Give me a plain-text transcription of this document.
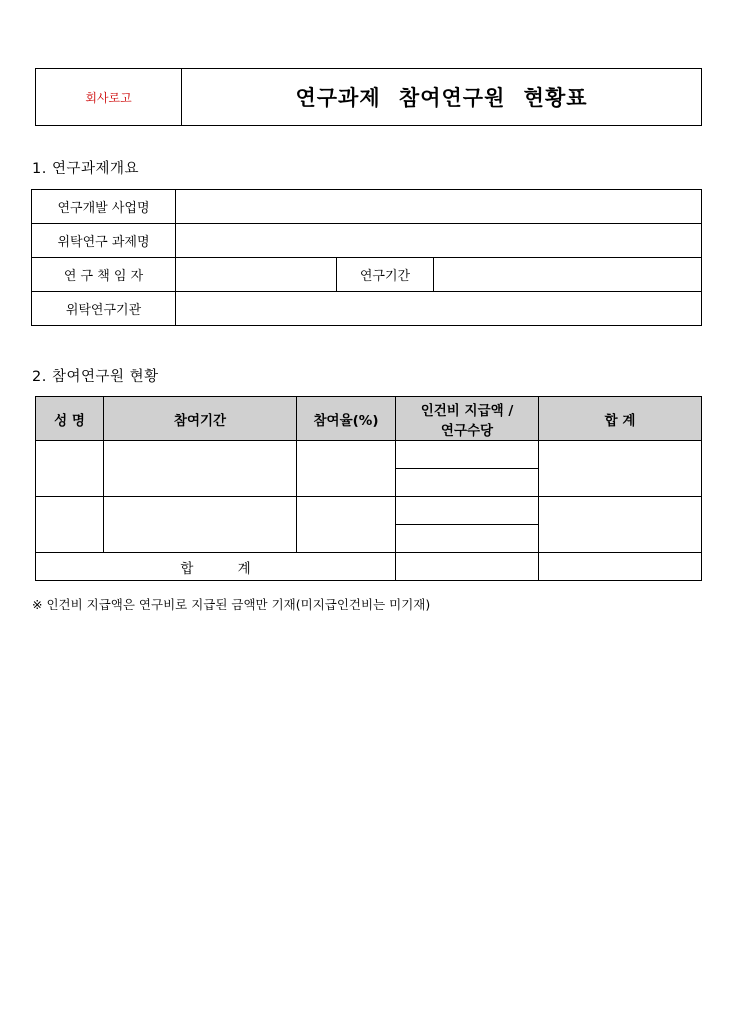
회사로고	연구과제 참여연구원 현황표
1. 연구과제개요
연구개발 사업명			
위탁연구 과제명			
연 구 책 임 자		연구기간	
위탁연구기관			
2. 참여연구원 현황
성 명	참여기간	참여율(%)	인건비 지급액 /
연구수당	합 계

합 계				
※ 인건비 지급액은 연구비로 지급된 금액만 기재(미지급인건비는 미기재)
